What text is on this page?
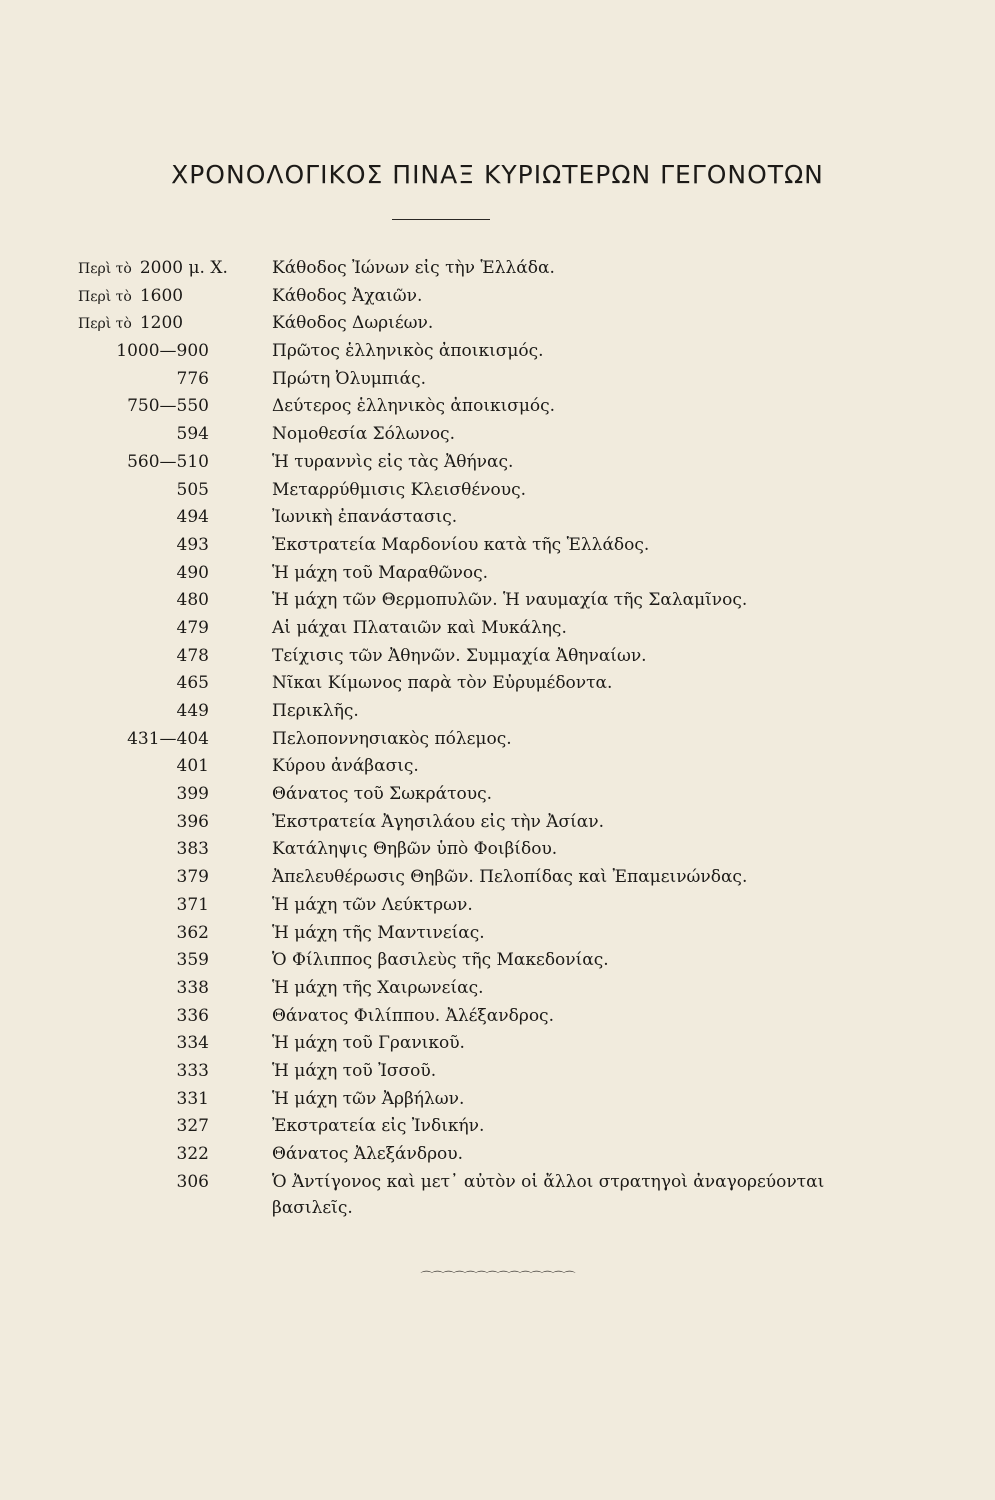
ΧΡΟΝΟΛΟΓΙΚΟΣ ΠΙΝΑΞ ΚΥΡΙΩΤΕΡΩΝ ΓΕΓΟΝΟΤΩΝ
Περὶ τὸ 2000 μ. Χ.	Κάθοδος Ἰώνων εἰς τὴν Ἑλλάδα.
Περὶ τὸ 1600	Κάθοδος Ἀχαιῶν.
Περὶ τὸ 1200	Κάθοδος Δωριέων.
1000—900	Πρῶτος ἑλληνικὸς ἀποικισμός.
776	Πρώτη Ὀλυμπιάς.
750—550	Δεύτερος ἑλληνικὸς ἀποικισμός.
594	Νομοθεσία Σόλωνος.
560—510	Ἡ τυραννὶς εἰς τὰς Ἀθήνας.
505	Μεταρρύθμισις Κλεισθένους.
494	Ἰωνικὴ ἐπανάστασις.
493	Ἐκστρατεία Μαρδονίου κατὰ τῆς Ἑλλάδος.
490	Ἡ μάχη τοῦ Μαραθῶνος.
480	Ἡ μάχη τῶν Θερμοπυλῶν. Ἡ ναυμαχία τῆς Σαλαμῖνος.
479	Αἱ μάχαι Πλαταιῶν καὶ Μυκάλης.
478	Τείχισις τῶν Ἀθηνῶν. Συμμαχία Ἀθηναίων.
465	Νῖκαι Κίμωνος παρὰ τὸν Εὐρυμέδοντα.
449	Περικλῆς.
431—404	Πελοποννησιακὸς πόλεμος.
401	Κύρου ἀνάβασις.
399	Θάνατος τοῦ Σωκράτους.
396	Ἐκστρατεία Ἀγησιλάου εἰς τὴν Ἀσίαν.
383	Κατάληψις Θηβῶν ὑπὸ Φοιβίδου.
379	Ἀπελευθέρωσις Θηβῶν. Πελοπίδας καὶ Ἐπαμεινώνδας.
371	Ἡ μάχη τῶν Λεύκτρων.
362	Ἡ μάχη τῆς Μαντινείας.
359	Ὁ Φίλιππος βασιλεὺς τῆς Μακεδονίας.
338	Ἡ μάχη τῆς Χαιρωνείας.
336	Θάνατος Φιλίππου. Ἀλέξανδρος.
334	Ἡ μάχη τοῦ Γρανικοῦ.
333	Ἡ μάχη τοῦ Ἰσσοῦ.
331	Ἡ μάχη τῶν Ἀρβήλων.
327	Ἐκστρατεία εἰς Ἰνδικήν.
322	Θάνατος Ἀλεξάνδρου.
306	Ὁ Ἀντίγονος καὶ μετ᾽ αὐτὸν οἱ ἄλλοι στρατηγοὶ ἀναγορεύονται βασιλεῖς.
⌒⌒⌒⌒⌒⌒⌒⌒⌒⌒⌒⌒⌒⌒
